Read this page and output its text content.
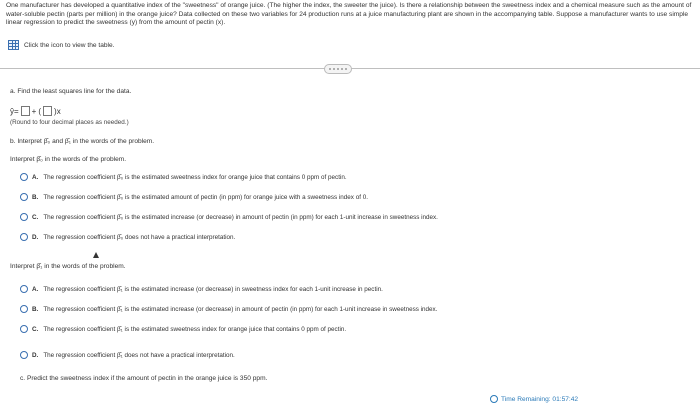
One manufacturer has developed a quantitative index of the "sweetness" of orange juice. (The higher the index, the sweeter the juice). Is there a relationship between the sweetness index and a chemical measure such as the amount of water-soluble pectin (parts per million) in the orange juice? Data collected on these two variables for 24 production runs at a juice manufacturing plant are shown in the accompanying table. Suppose a manufacturer wants to use simple linear regression to predict the sweetness (y) from the amount of pectin (x).
Click the icon to view the table.
a. Find the least squares line for the data.
ŷ= + ( ) x
(Round to four decimal places as needed.)
b. Interpret β̂₀ and β̂₁ in the words of the problem.
Interpret β̂₀ in the words of the problem.
A. The regression coefficient β̂₀ is the estimated sweetness index for orange juice that contains 0 ppm of pectin.
B. The regression coefficient β̂₀ is the estimated amount of pectin (in ppm) for orange juice with a sweetness index of 0.
C. The regression coefficient β̂₀ is the estimated increase (or decrease) in amount of pectin (in ppm) for each 1-unit increase in sweetness index.
D. The regression coefficient β̂₀ does not have a practical interpretation.
Interpret β̂₁ in the words of the problem.
A. The regression coefficient β̂₁ is the estimated increase (or decrease) in sweetness index for each 1-unit increase in pectin.
B. The regression coefficient β̂₁ is the estimated increase (or decrease) in amount of pectin (in ppm) for each 1-unit increase in sweetness index.
C. The regression coefficient β̂₁ is the estimated sweetness index for orange juice that contains 0 ppm of pectin.
D. The regression coefficient β̂₁ does not have a practical interpretation.
c. Predict the sweetness index if the amount of pectin in the orange juice is 350 ppm.
Time Remaining: 01:57:42
